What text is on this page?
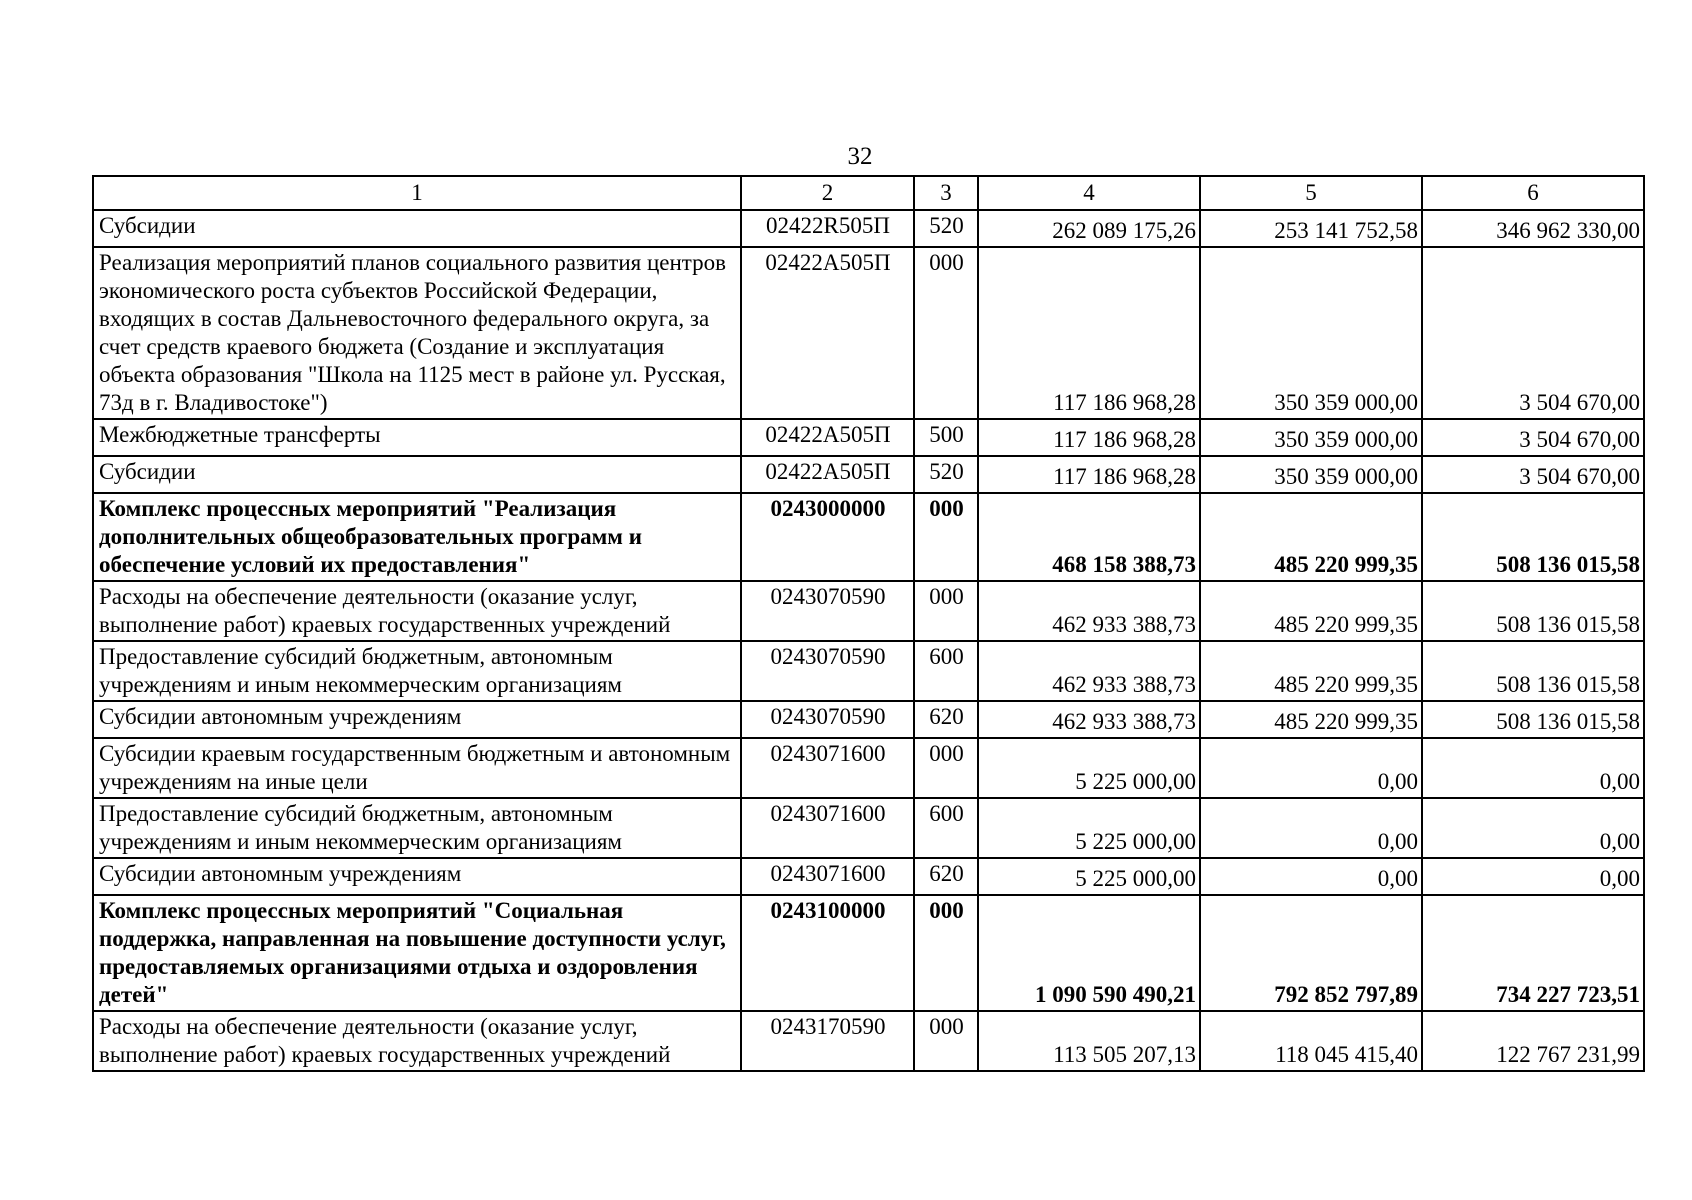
32
1	2	3	4	5	6
Субсидии	02422R505П	520	262 089 175,26	253 141 752,58	346 962 330,00
Реализация мероприятий планов социального развития центров экономического роста субъектов Российской Федерации, входящих в состав Дальневосточного федерального округа, за счет средств краевого бюджета (Создание и эксплуатация объекта образования "Школа на 1125 мест в районе ул. Русская, 73д в г. Владивостоке")	02422А505П	000	117 186 968,28	350 359 000,00	3 504 670,00
Межбюджетные трансферты	02422А505П	500	117 186 968,28	350 359 000,00	3 504 670,00
Субсидии	02422А505П	520	117 186 968,28	350 359 000,00	3 504 670,00
Комплекс процессных мероприятий "Реализация дополнительных общеобразовательных программ и обеспечение условий их предоставления"	0243000000	000	468 158 388,73	485 220 999,35	508 136 015,58
Расходы на обеспечение деятельности (оказание услуг, выполнение работ) краевых государственных учреждений	0243070590	000	462 933 388,73	485 220 999,35	508 136 015,58
Предоставление субсидий бюджетным, автономным учреждениям и иным некоммерческим организациям	0243070590	600	462 933 388,73	485 220 999,35	508 136 015,58
Субсидии автономным учреждениям	0243070590	620	462 933 388,73	485 220 999,35	508 136 015,58
Субсидии краевым государственным бюджетным и автономным учреждениям на иные цели	0243071600	000	5 225 000,00	0,00	0,00
Предоставление субсидий бюджетным, автономным учреждениям и иным некоммерческим организациям	0243071600	600	5 225 000,00	0,00	0,00
Субсидии автономным учреждениям	0243071600	620	5 225 000,00	0,00	0,00
Комплекс процессных мероприятий "Социальная поддержка, направленная на повышение доступности услуг, предоставляемых организациями отдыха и оздоровления детей"	0243100000	000	1 090 590 490,21	792 852 797,89	734 227 723,51
Расходы на обеспечение деятельности (оказание услуг, выполнение работ) краевых государственных учреждений	0243170590	000	113 505 207,13	118 045 415,40	122 767 231,99
